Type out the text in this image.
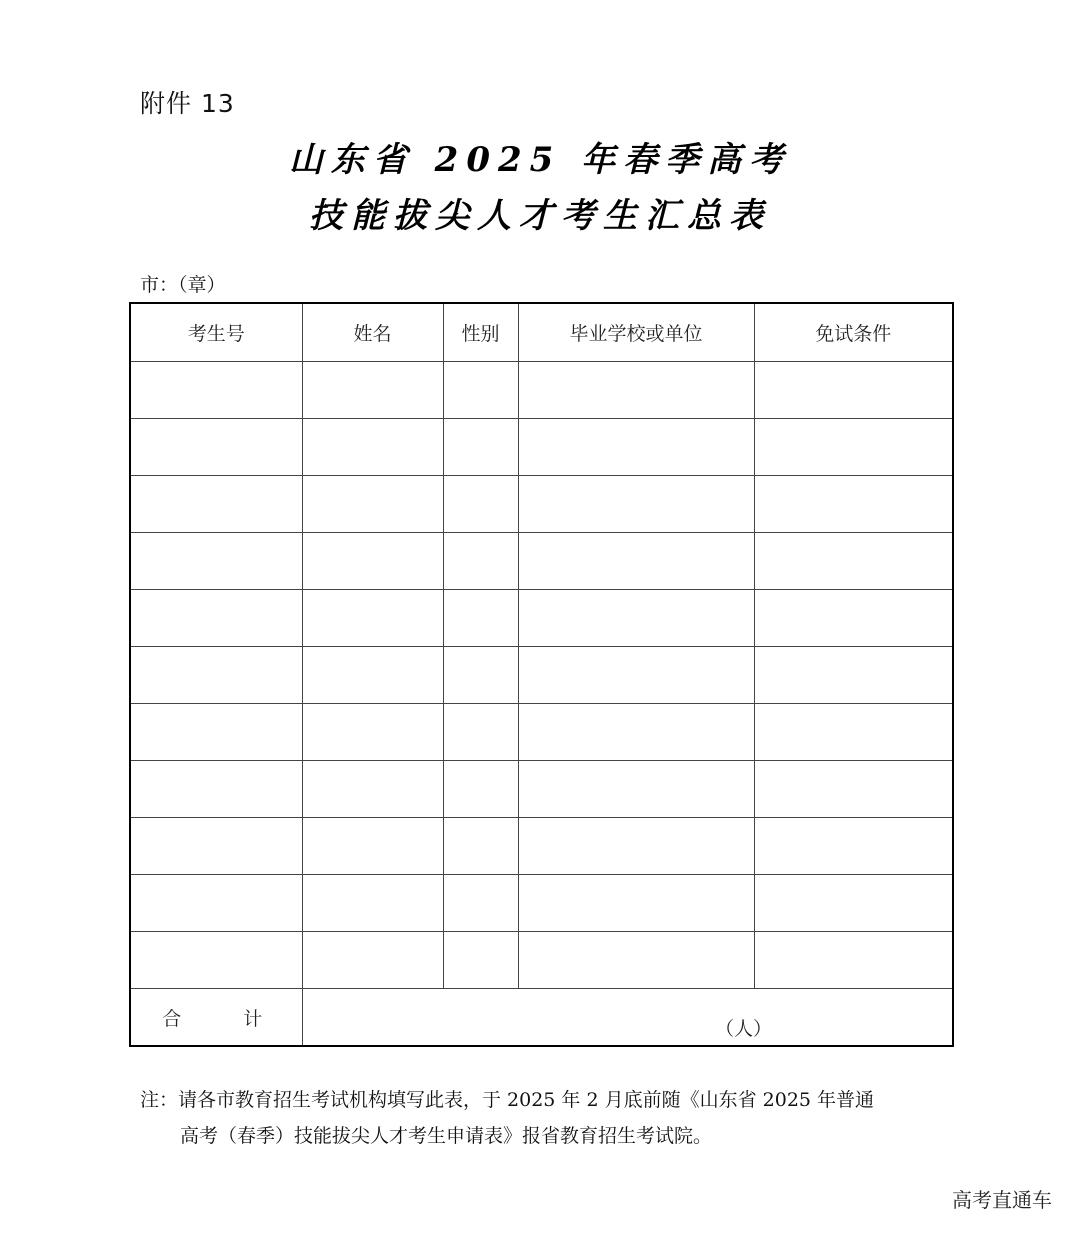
附件 13
山东省 2025 年春季高考
技能拔尖人才考生汇总表
市：（章）
考生号	姓名	性别	毕业学校或单位	免试条件

合 计	（人）			
注：请各市教育招生考试机构填写此表，于 2025 年 2 月底前随《山东省 2025 年普通
高考（春季）技能拔尖人才考生申请表》报省教育招生考试院。
高考直通车
